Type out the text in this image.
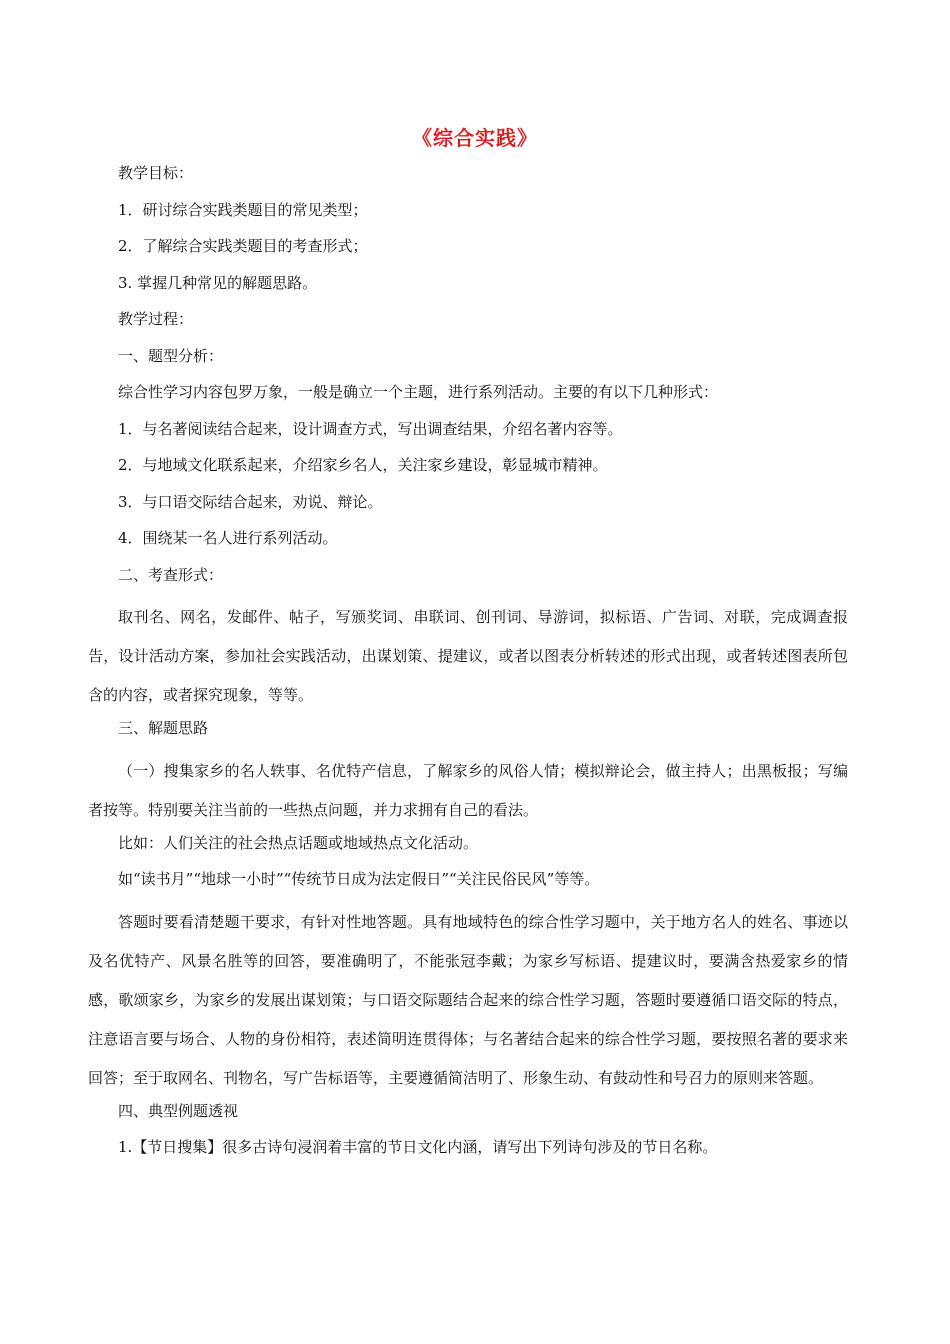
《综合实践》
教学目标：
1．研讨综合实践类题目的常见类型；
2．了解综合实践类题目的考查形式；
3. 掌握几种常见的解题思路。
教学过程：
一、题型分析：
综合性学习内容包罗万象，一般是确立一个主题，进行系列活动。主要的有以下几种形式：
1．与名著阅读结合起来，设计调查方式，写出调查结果，介绍名著内容等。
2．与地域文化联系起来，介绍家乡名人，关注家乡建设，彰显城市精神。
3．与口语交际结合起来，劝说、辩论。
4．围绕某一名人进行系列活动。
二、考查形式：
取刊名、网名，发邮件、帖子，写颁奖词、串联词、创刊词、导游词，拟标语、广告词、对联，完成调查报告，设计活动方案，参加社会实践活动，出谋划策、提建议，或者以图表分析转述的形式出现，或者转述图表所包含的内容，或者探究现象，等等。
三、解题思路
（一）搜集家乡的名人轶事、名优特产信息，了解家乡的风俗人情；模拟辩论会，做主持人；出黑板报；写编者按等。特别要关注当前的一些热点问题，并力求拥有自己的看法。
比如：人们关注的社会热点话题或地域热点文化活动。
如“读书月”“地球一小时”“传统节日成为法定假日”“关注民俗民风”等等。
答题时要看清楚题干要求，有针对性地答题。具有地域特色的综合性学习题中，关于地方名人的姓名、事迹以及名优特产、风景名胜等的回答，要准确明了，不能张冠李戴；为家乡写标语、提建议时，要满含热爱家乡的情感，歌颂家乡，为家乡的发展出谋划策；与口语交际题结合起来的综合性学习题，答题时要遵循口语交际的特点，注意语言要与场合、人物的身份相符，表述简明连贯得体；与名著结合起来的综合性学习题，要按照名著的要求来回答；至于取网名、刊物名，写广告标语等，主要遵循简洁明了、形象生动、有鼓动性和号召力的原则来答题。
四、典型例题透视
1.【节日搜集】很多古诗句浸润着丰富的节日文化内涵，请写出下列诗句涉及的节日名称。
